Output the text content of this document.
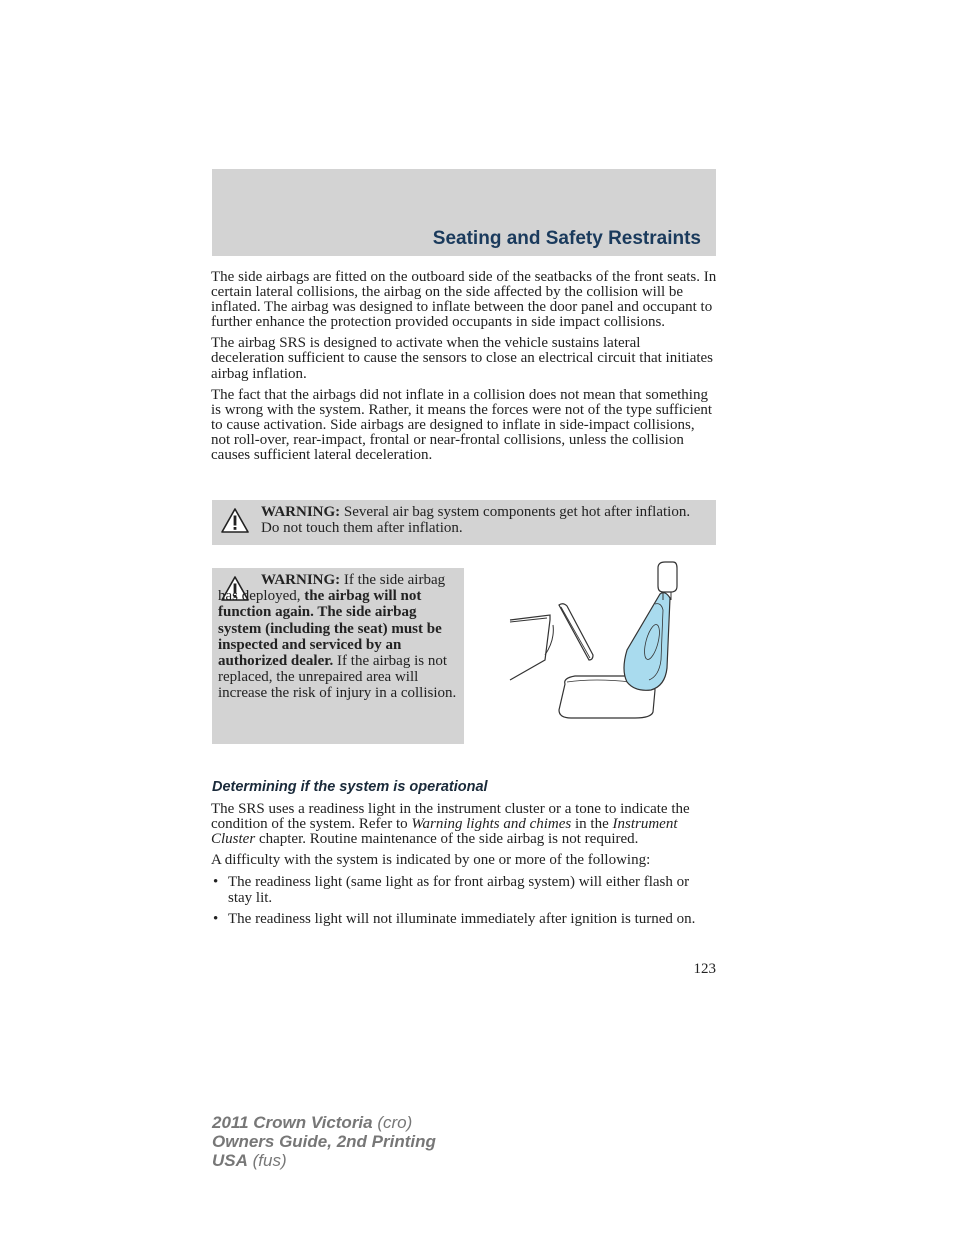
Seating and Safety Restraints

The side airbags are fitted on the outboard side of the seatbacks of the front seats. In certain lateral collisions, the airbag on the side affected by the collision will be inflated. The airbag was designed to inflate between the door panel and occupant to further enhance the protection provided occupants in side impact collisions.

The airbag SRS is designed to activate when the vehicle sustains lateral deceleration sufficient to cause the sensors to close an electrical circuit that initiates airbag inflation.

The fact that the airbags did not inflate in a collision does not mean that something is wrong with the system. Rather, it means the forces were not of the type sufficient to cause activation. Side airbags are designed to inflate in side-impact collisions, not roll-over, rear-impact, frontal or near-frontal collisions, unless the collision causes sufficient lateral deceleration.

WARNING: Several air bag system components get hot after inflation. Do not touch them after inflation.
WARNING: If the side airbag has deployed, the airbag will not function again. The side airbag system (including the seat) must be inspected and serviced by an authorized dealer. If the airbag is not replaced, the unrepaired area will increase the risk of injury in a collision.
Determining if the system is operational

The SRS uses a readiness light in the instrument cluster or a tone to indicate the condition of the system. Refer to Warning lights and chimes in the Instrument Cluster chapter. Routine maintenance of the side airbag is not required.

A difficulty with the system is indicated by one or more of the following:

• The readiness light (same light as for front airbag system) will either flash or stay lit.
• The readiness light will not illuminate immediately after ignition is turned on.
123
2011 Crown Victoria (cro)
Owners Guide, 2nd Printing
USA (fus)
